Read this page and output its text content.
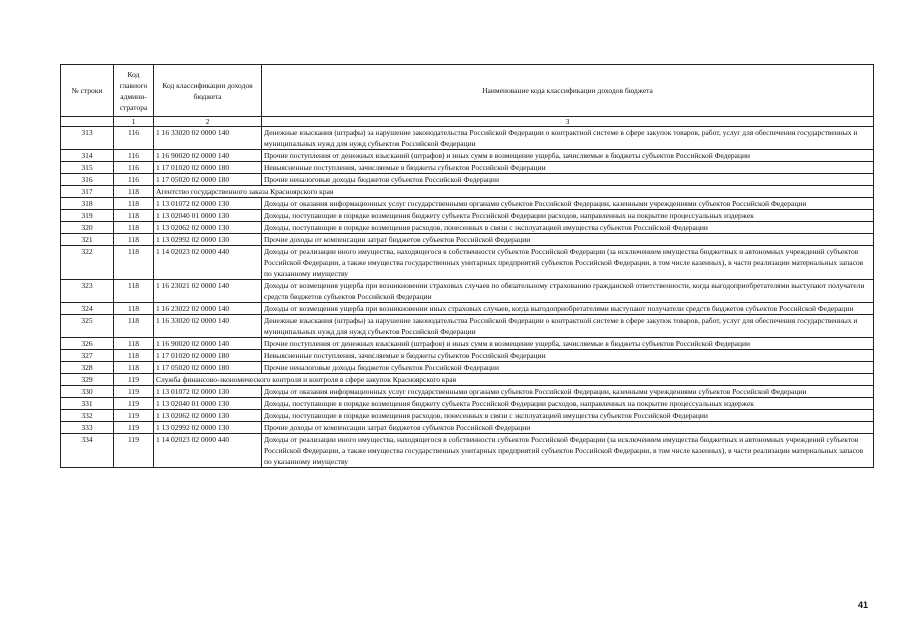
№ строки	Код главного админи-стратора	Код классификации доходов бюджета	Наименование кода классификации доходов бюджета
	1	2	3
313	116	1 16 33020 02 0000 140	Денежные взыскания (штрафы) за нарушение законодательства Российской Федерации о контрактной системе в сфере закупок товаров, работ, услуг для обеспечения государственных и муниципальных нужд для нужд субъектов Российской Федерации
314	116	1 16 90020 02 0000 140	Прочие поступления от денежных взысканий (штрафов) и иных сумм в возмещение ущерба, зачисляемые в бюджеты субъектов Российской Федерации
315	116	1 17 01020 02 0000 180	Невыясненные поступления, зачисляемые в бюджеты субъектов Российской Федерации
316	116	1 17 05020 02 0000 180	Прочие неналоговые доходы бюджетов субъектов Российской Федерации
317	118	Агентство государственного заказа Красноярского края	
318	118	1 13 01072 02 0000 130	Доходы от оказания информационных услуг государственными органами субъектов Российской Федерации, казенными учреждениями субъектов Российской Федерации
319	118	1 13 02040 01 0000 130	Доходы, поступающие в порядке возмещения бюджету субъекта Российской Федерации расходов, направленных на покрытие процессуальных издержек
320	118	1 13 02062 02 0000 130	Доходы, поступающие в порядке возмещения расходов, понесенных в связи с эксплуатацией имущества субъектов Российской Федерации
321	118	1 13 02992 02 0000 130	Прочие доходы от компенсации затрат бюджетов субъектов Российской Федерации
322	118	1 14 02023 02 0000 440	Доходы от реализации иного имущества, находящегося в собственности субъектов Российской Федерации (за исключением имущества бюджетных и автономных учреждений субъектов Российской Федерации, а также имущества государственных унитарных предприятий субъектов Российской Федерации, в том числе казенных), в части реализации материальных запасов по указанному имуществу
323	118	1 16 23021 02 0000 140	Доходы от возмещения ущерба при возникновении страховых случаев по обязательному страхованию гражданской ответственности, когда выгодоприобретателями выступают получатели средств бюджетов субъектов Российской Федерации
324	118	1 16 23022 02 0000 140	Доходы от возмещения ущерба при возникновении иных страховых случаев, когда выгодоприобретателями выступают получатели средств бюджетов субъектов Российской Федерации
325	118	1 16 33020 02 0000 140	Денежные взыскания (штрафы) за нарушение законодательства Российской Федерации о контрактной системе в сфере закупок товаров, работ, услуг для обеспечения государственных и муниципальных нужд для нужд субъектов Российской Федерации
326	118	1 16 90020 02 0000 140	Прочие поступления от денежных взысканий (штрафов) и иных сумм в возмещение ущерба, зачисляемые в бюджеты субъектов Российской Федерации
327	118	1 17 01020 02 0000 180	Невыясненные поступления, зачисляемые в бюджеты субъектов Российской Федерации
328	118	1 17 05020 02 0000 180	Прочие неналоговые доходы бюджетов субъектов Российской Федерации
329	119	Служба финансово-экономического контроля и контроля в сфере закупок Красноярского края	
330	119	1 13 01072 02 0000 130	Доходы от оказания информационных услуг государственными органами субъектов Российской Федерации, казенными учреждениями субъектов Российской Федерации
331	119	1 13 02040 01 0000 130	Доходы, поступающие в порядке возмещения бюджету субъекта Российской Федерации расходов, направленных на покрытие процессуальных издержек
332	119	1 13 02062 02 0000 130	Доходы, поступающие в порядке возмещения расходов, понесенных в связи с эксплуатацией имущества субъектов Российской Федерации
333	119	1 13 02992 02 0000 130	Прочие доходы от компенсации затрат бюджетов субъектов Российской Федерации
334	119	1 14 02023 02 0000 440	Доходы от реализации иного имущества, находящегося в собственности субъектов Российской Федерации (за исключением имущества бюджетных и автономных учреждений субъектов Российской Федерации, а также имущества государственных унитарных предприятий субъектов Российской Федерации, в том числе казенных), в части реализации материальных запасов по указанному имуществу
41
